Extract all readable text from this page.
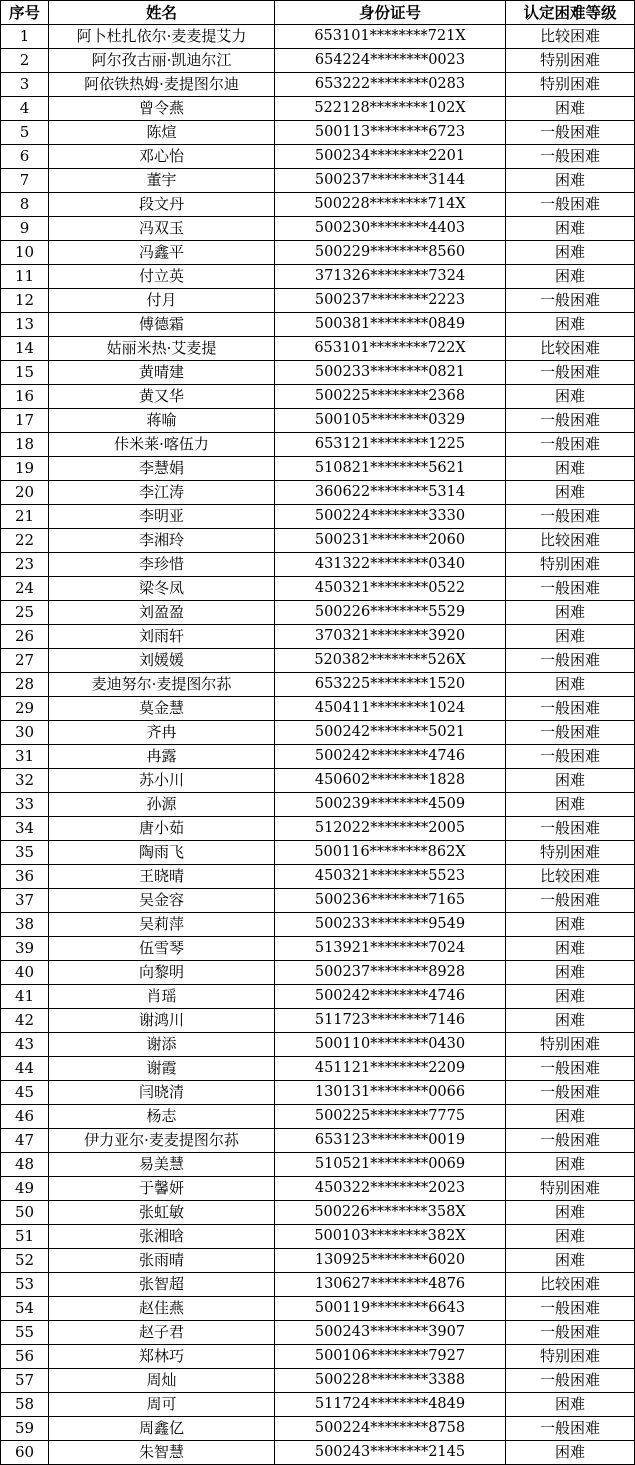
序号	姓名	身份证号	认定困难等级
1	阿卜杜扎依尔·麦麦提艾力	653101********721X	比较困难
2	阿尔孜古丽·凯迪尔江	654224********0023	特别困难
3	阿依铁热姆·麦提图尔迪	653222********0283	特别困难
4	曾令燕	522128********102X	困难
5	陈煊	500113********6723	一般困难
6	邓心怡	500234********2201	一般困难
7	董宇	500237********3144	困难
8	段文丹	500228********714X	一般困难
9	冯双玉	500230********4403	困难
10	冯鑫平	500229********8560	困难
11	付立英	371326********7324	困难
12	付月	500237********2223	一般困难
13	傅德霜	500381********0849	困难
14	姑丽米热·艾麦提	653101********722X	比较困难
15	黄晴建	500233********0821	一般困难
16	黄又华	500225********2368	困难
17	蒋喻	500105********0329	一般困难
18	佧米莱·喀伍力	653121********1225	一般困难
19	李慧娟	510821********5621	困难
20	李江涛	360622********5314	困难
21	李明亚	500224********3330	一般困难
22	李湘玲	500231********2060	比较困难
23	李珍惜	431322********0340	特别困难
24	梁冬凤	450321********0522	一般困难
25	刘盈盈	500226********5529	困难
26	刘雨轩	370321********3920	困难
27	刘媛媛	520382********526X	一般困难
28	麦迪努尔·麦提图尔荪	653225********1520	困难
29	莫金慧	450411********1024	一般困难
30	齐冉	500242********5021	一般困难
31	冉露	500242********4746	一般困难
32	苏小川	450602********1828	困难
33	孙源	500239********4509	困难
34	唐小茹	512022********2005	一般困难
35	陶雨飞	500116********862X	特别困难
36	王晓晴	450321********5523	比较困难
37	吴金容	500236********7165	一般困难
38	吴莉萍	500233********9549	困难
39	伍雪琴	513921********7024	困难
40	向黎明	500237********8928	困难
41	肖瑶	500242********4746	困难
42	谢鸿川	511723********7146	困难
43	谢添	500110********0430	特别困难
44	谢霞	451121********2209	一般困难
45	闫晓清	130131********0066	一般困难
46	杨志	500225********7775	困难
47	伊力亚尔·麦麦提图尔荪	653123********0019	一般困难
48	易美慧	510521********0069	困难
49	于馨妍	450322********2023	特别困难
50	张虹敏	500226********358X	困难
51	张湘晗	500103********382X	困难
52	张雨晴	130925********6020	困难
53	张智超	130627********4876	比较困难
54	赵佳燕	500119********6643	一般困难
55	赵子君	500243********3907	一般困难
56	郑林巧	500106********7927	特别困难
57	周灿	500228********3388	一般困难
58	周可	511724********4849	困难
59	周鑫亿	500224********8758	一般困难
60	朱智慧	500243********2145	困难
